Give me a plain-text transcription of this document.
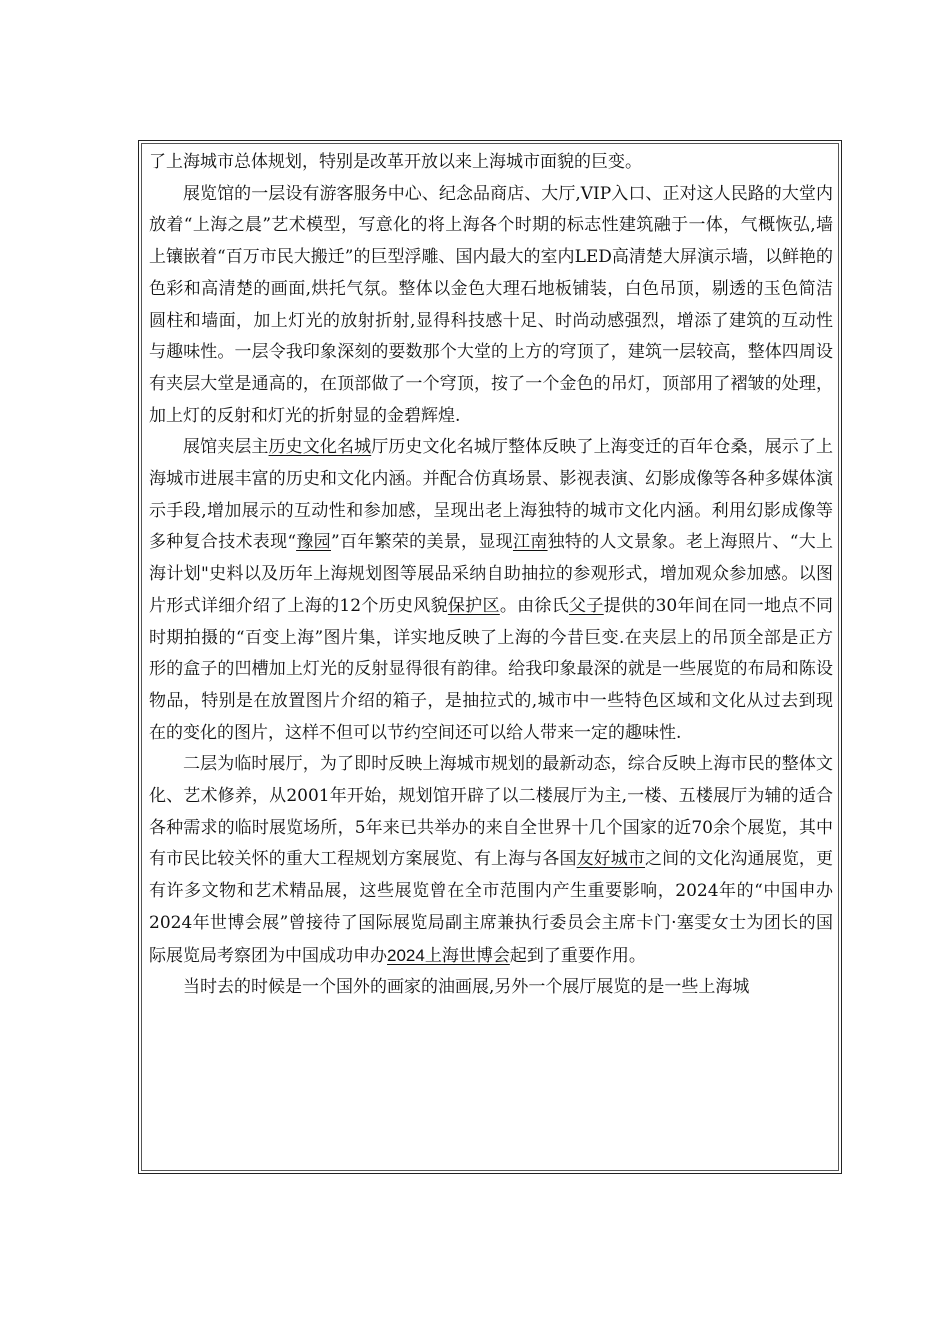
了上海城市总体规划，特别是改革开放以来上海城市面貌的巨变。

展览馆的一层设有游客服务中心、纪念品商店、大厅,VIP入口、正对这人民路的大堂内放着“上海之晨”艺术模型，写意化的将上海各个时期的标志性建筑融于一体，气概恢弘,墙上镶嵌着“百万市民大搬迁”的巨型浮雕、国内最大的室内LED高清楚大屏演示墙，以鲜艳的色彩和高清楚的画面,烘托气氛。整体以金色大理石地板铺装，白色吊顶，剔透的玉色简洁圆柱和墙面，加上灯光的放射折射,显得科技感十足、时尚动感强烈，增添了建筑的互动性与趣味性。一层令我印象深刻的要数那个大堂的上方的穹顶了，建筑一层较高，整体四周设有夹层大堂是通高的，在顶部做了一个穹顶，按了一个金色的吊灯，顶部用了褶皱的处理，加上灯的反射和灯光的折射显的金碧辉煌.

展馆夹层主历史文化名城厅历史文化名城厅整体反映了上海变迁的百年仓桑，展示了上海城市进展丰富的历史和文化内涵。并配合仿真场景、影视表演、幻影成像等各种多媒体演示手段,增加展示的互动性和参加感，呈现出老上海独特的城市文化内涵。利用幻影成像等多种复合技术表现“豫园”百年繁荣的美景，显现江南独特的人文景象。老上海照片、“大上海计划"史料以及历年上海规划图等展品采纳自助抽拉的参观形式，增加观众参加感。以图片形式详细介绍了上海的12个历史风貌保护区。由徐氏父子提供的30年间在同一地点不同时期拍摄的“百变上海”图片集，详实地反映了上海的今昔巨变.在夹层上的吊顶全部是正方形的盒子的凹槽加上灯光的反射显得很有韵律。给我印象最深的就是一些展览的布局和陈设物品，特别是在放置图片介绍的箱子，是抽拉式的,城市中一些特色区域和文化从过去到现在的变化的图片，这样不但可以节约空间还可以给人带来一定的趣味性.

二层为临时展厅，为了即时反映上海城市规划的最新动态，综合反映上海市民的整体文化、艺术修养，从2001年开始，规划馆开辟了以二楼展厅为主,一楼、五楼展厅为辅的适合各种需求的临时展览场所，5年来已共举办的来自全世界十几个国家的近70余个展览，其中有市民比较关怀的重大工程规划方案展览、有上海与各国友好城市之间的文化沟通展览，更有许多文物和艺术精品展，这些展览曾在全市范围内产生重要影响，2024年的“中国申办2024年世博会展”曾接待了国际展览局副主席兼执行委员会主席卡门·塞雯女士为团长的国际展览局考察团为中国成功申办2024上海世博会起到了重要作用。

当时去的时候是一个国外的画家的油画展,另外一个展厅展览的是一些上海城
